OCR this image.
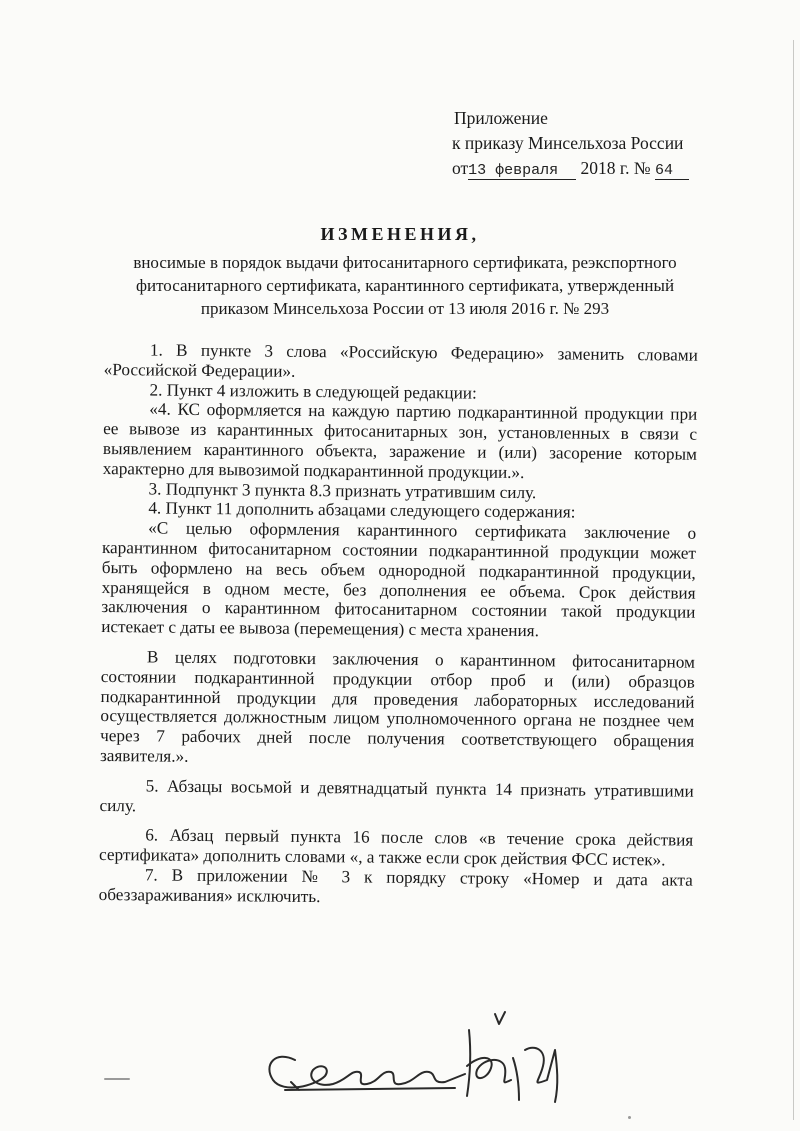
Приложение
к приказу Минсельхоза России
от13 февраля 2018 г. № 64
ИЗМЕНЕНИЯ,
вносимые в порядок выдачи фитосанитарного сертификата, реэкспортного
фитосанитарного сертификата, карантинного сертификата, утвержденный
приказом Минсельхоза России от 13 июля 2016 г. № 293

1. В пункте 3 слова «Российскую Федерацию» заменить словами «Российской Федерации».

2. Пункт 4 изложить в следующей редакции:

«4. КС оформляется на каждую партию подкарантинной продукции при ее вывозе из карантинных фитосанитарных зон, установленных в связи с выявлением карантинного объекта, заражение и (или) засорение которым характерно для вывозимой подкарантинной продукции.».

3. Подпункт 3 пункта 8.3 признать утратившим силу.

4. Пункт 11 дополнить абзацами следующего содержания:

«С целью оформления карантинного сертификата заключение о карантинном фитосанитарном состоянии подкарантинной продукции может быть оформлено на весь объем однородной подкарантинной продукции, хранящейся в одном месте, без дополнения ее объема. Срок действия заключения о карантинном фитосанитарном состоянии такой продукции истекает с даты ее вывоза (перемещения) с места хранения.

В целях подготовки заключения о карантинном фитосанитарном состоянии подкарантинной продукции отбор проб и (или) образцов подкарантинной продукции для проведения лабораторных исследований осуществляется должностным лицом уполномоченного органа не позднее чем через 7 рабочих дней после получения соответствующего обращения заявителя.».

5. Абзацы восьмой и девятнадцатый пункта 14 признать утратившими силу.

6. Абзац первый пункта 16 после слов «в течение срока действия сертификата» дополнить словами «, а также если срок действия ФСС истек».

7. В приложении № 3 к порядку строку «Номер и дата акта обеззараживания» исключить.
